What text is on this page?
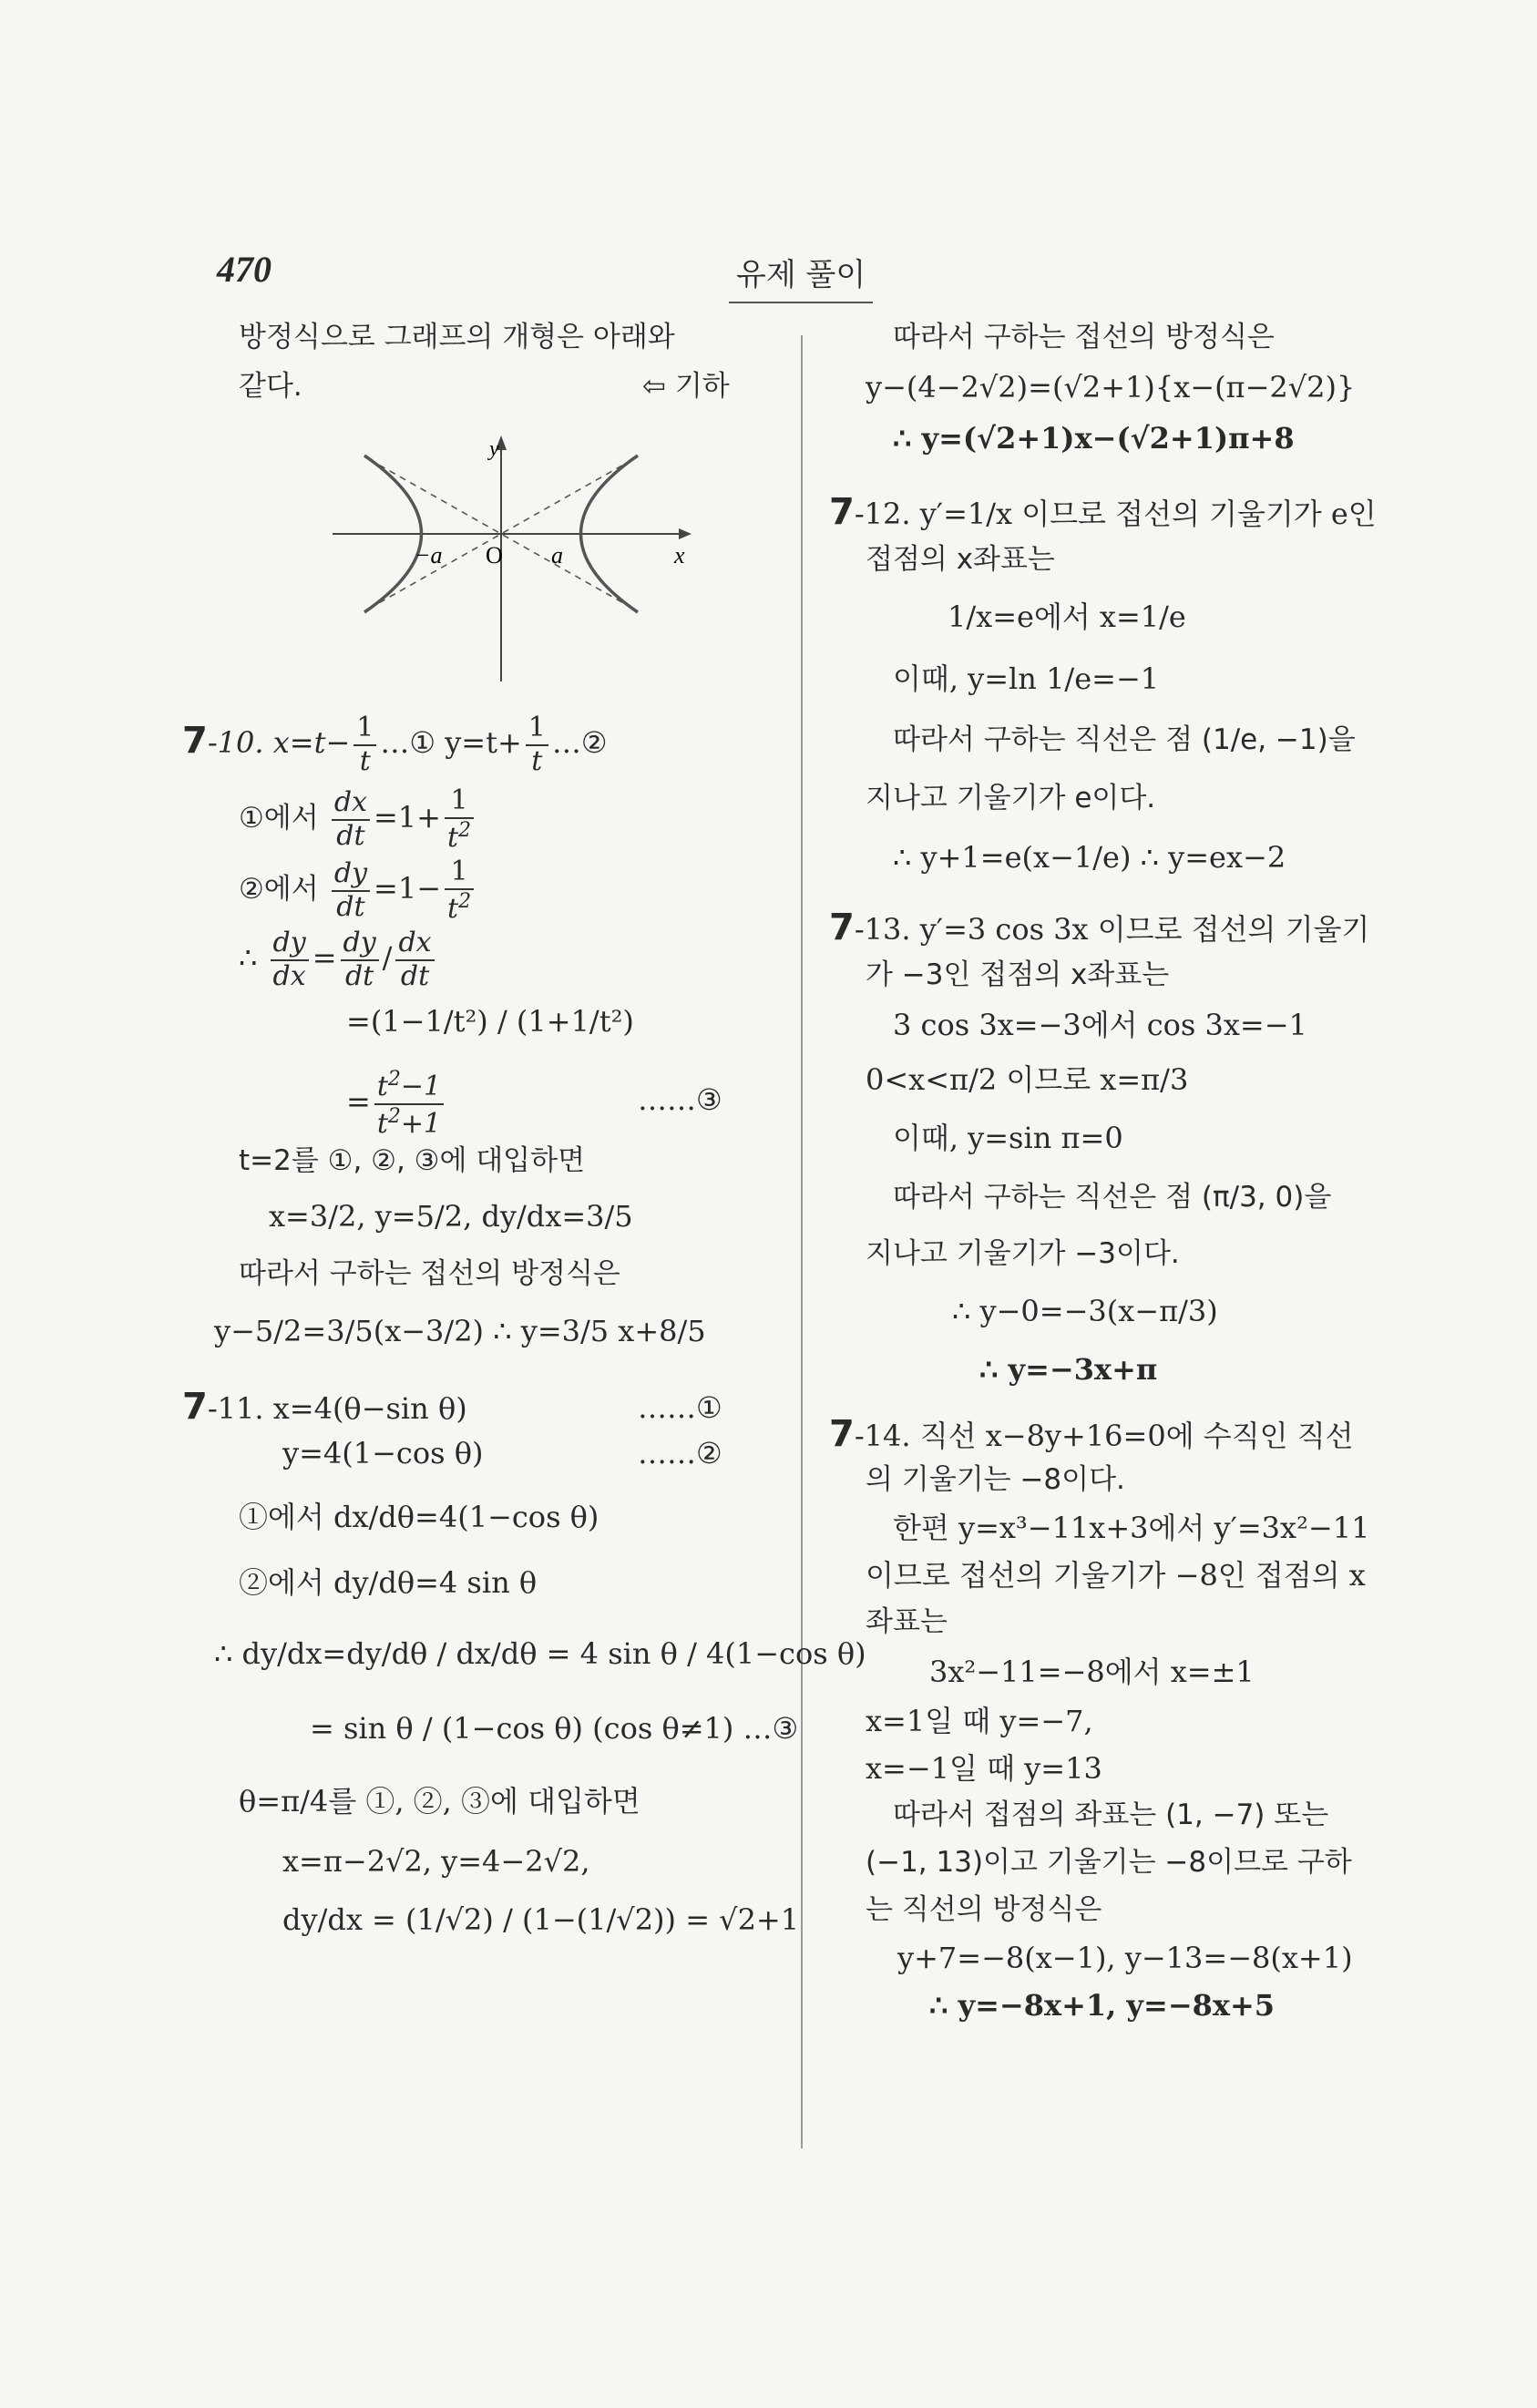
470	유제 풀이
방정식으로 그래프의 개형은 아래와
같다.	⇦ 기하
y
x
O
−a	a
7-10. $x=t- \frac{1}{t}$ …① $y=t+ \frac{1}{t}$ …②
①에서 $\frac{dx}{dt} =1+ \frac{1}{t^2}$
②에서 $\frac{dy}{dt} =1- \frac{1}{t^2}$
∴ $\frac{dy}{dx} = \frac{dy}{dt} / \frac{dx}{dt}$
=(1−1/t²) / (1+1/t²)
= $\frac{t^2-1}{t^2+1}$	……③
t=2를 ①, ②, ③에 대입하면
x=3/2, y=5/2, dy/dx=3/5
따라서 구하는 접선의 방정식은
y−5/2=3/5(x−3/2) ∴ y=3/5 x+8/5
7-11. x=4(θ−sin θ)	……①
y=4(1−cos θ)	……②
①에서 dx/dθ=4(1−cos θ)
②에서 dy/dθ=4 sin θ
∴ dy/dx=dy/dθ / dx/dθ = 4 sin θ / 4(1−cos θ)
= sin θ / (1−cos θ) (cos θ≠1) …③
θ=π/4를 ①, ②, ③에 대입하면
x=π−2√2, y=4−2√2,
dy/dx = (1/√2) / (1−(1/√2)) = √2+1
따라서 구하는 접선의 방정식은
y−(4−2√2)=(√2+1){x−(π−2√2)}
∴ y=(√2+1)x−(√2+1)π+8
7-12. y′=1/x 이므로 접선의 기울기가 e인
접점의 x좌표는
1/x=e에서 x=1/e
이때, y=ln 1/e=−1
따라서 구하는 직선은 점 (1/e, −1)을
지나고 기울기가 e이다.
∴ y+1=e(x−1/e) ∴ y=ex−2
7-13. y′=3 cos 3x 이므로 접선의 기울기
가 −3인 접점의 x좌표는
3 cos 3x=−3에서 cos 3x=−1
0<x<π/2 이므로 x=π/3
이때, y=sin π=0
따라서 구하는 직선은 점 (π/3, 0)을
지나고 기울기가 −3이다.
∴ y−0=−3(x−π/3)
∴ y=−3x+π
7-14. 직선 x−8y+16=0에 수직인 직선
의 기울기는 −8이다.
한편 y=x³−11x+3에서 y′=3x²−11
이므로 접선의 기울기가 −8인 접점의 x
좌표는
3x²−11=−8에서 x=±1
x=1일 때 y=−7,
x=−1일 때 y=13
따라서 접점의 좌표는 (1, −7) 또는
(−1, 13)이고 기울기는 −8이므로 구하
는 직선의 방정식은
y+7=−8(x−1), y−13=−8(x+1)
∴ y=−8x+1, y=−8x+5
